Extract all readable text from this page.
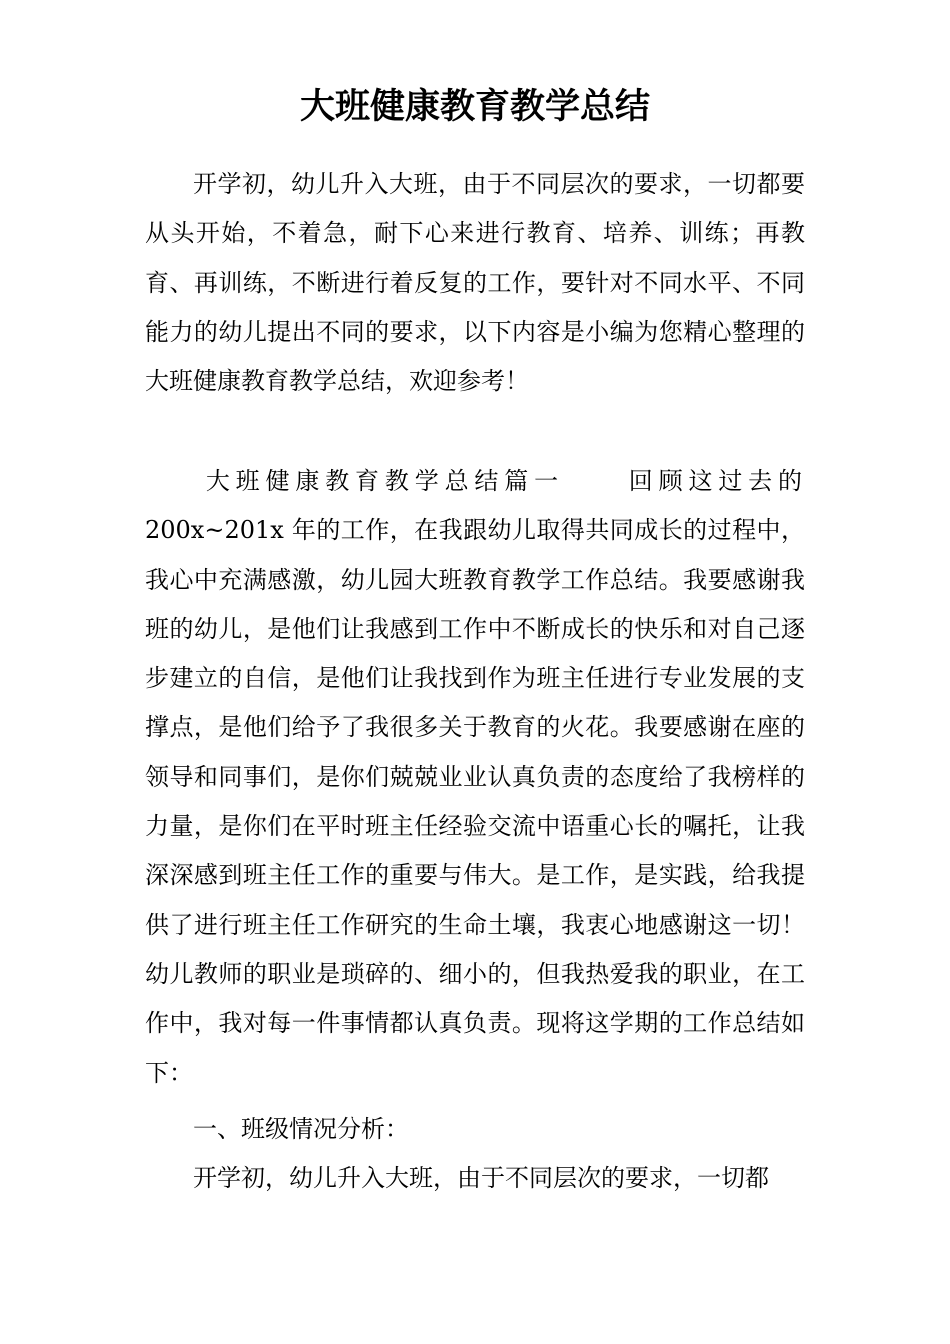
大班健康教育教学总结

开学初，幼儿升入大班，由于不同层次的要求，一切都要从头开始，不着急，耐下心来进行教育、培养、训练；再教育、再训练，不断进行着反复的工作，要针对不同水平、不同能力的幼儿提出不同的要求，以下内容是小编为您精心整理的大班健康教育教学总结，欢迎参考！

大班健康教育教学总结篇一	回顾这过去的200x~201x 年的工作，在我跟幼儿取得共同成长的过程中，我心中充满感激，幼儿园大班教育教学工作总结。我要感谢我班的幼儿，是他们让我感到工作中不断成长的快乐和对自己逐步建立的自信，是他们让我找到作为班主任进行专业发展的支撑点，是他们给予了我很多关于教育的火花。我要感谢在座的领导和同事们，是你们兢兢业业认真负责的态度给了我榜样的力量，是你们在平时班主任经验交流中语重心长的嘱托，让我深深感到班主任工作的重要与伟大。是工作，是实践，给我提供了进行班主任工作研究的生命土壤，我衷心地感谢这一切！幼儿教师的职业是琐碎的、细小的，但我热爱我的职业，在工作中，我对每一件事情都认真负责。现将这学期的工作总结如下：

一、班级情况分析：

开学初，幼儿升入大班，由于不同层次的要求，一切都
